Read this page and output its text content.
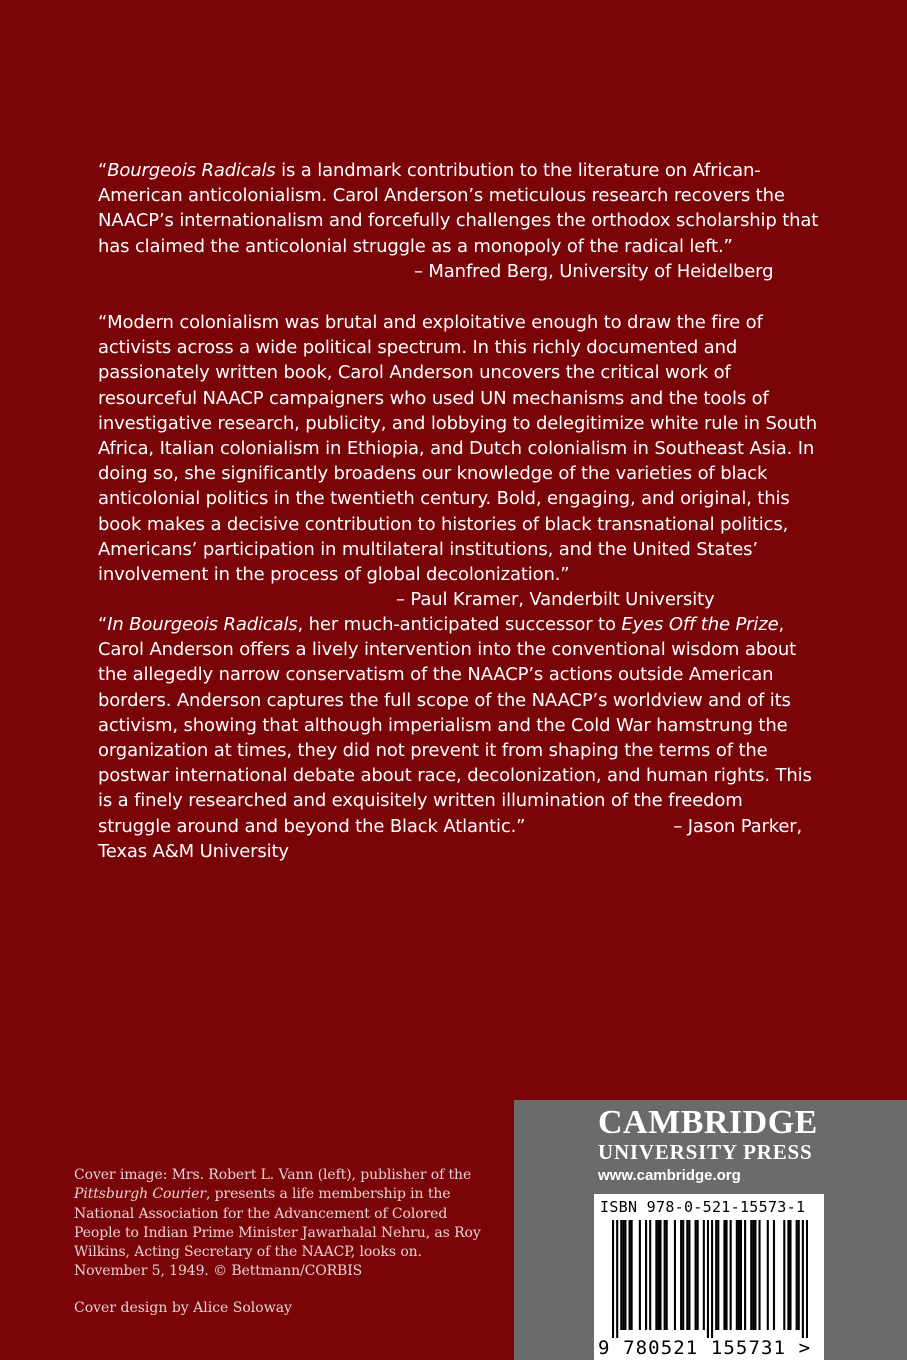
“Bourgeois Radicals is a landmark contribution to the literature on African-American anticolonialism. Carol Anderson’s meticulous research recovers the NAACP’s internationalism and forcefully challenges the orthodox scholarship that has claimed the anticolonial struggle as a monopoly of the radical left.”

– Manfred Berg, University of Heidelberg

“Modern colonialism was brutal and exploitative enough to draw the fire of activists across a wide political spectrum. In this richly documented and passionately written book, Carol Anderson uncovers the critical work of resourceful NAACP campaigners who used UN mechanisms and the tools of investigative research, publicity, and lobbying to delegitimize white rule in South Africa, Italian colonialism in Ethiopia, and Dutch colonialism in Southeast Asia. In doing so, she significantly broadens our knowledge of the varieties of black anticolonial politics in the twentieth century. Bold, engaging, and original, this book makes a decisive contribution to histories of black transnational politics, Americans’ participation in multilateral institutions, and the United States’ involvement in the process of global decolonization.”

– Paul Kramer, Vanderbilt University

“In Bourgeois Radicals, her much-anticipated successor to Eyes Off the Prize, Carol Anderson offers a lively intervention into the conventional wisdom about the allegedly narrow conservatism of the NAACP’s actions outside American borders. Anderson captures the full scope of the NAACP’s worldview and of its activism, showing that although imperialism and the Cold War hamstrung the organization at times, they did not prevent it from shaping the terms of the postwar international debate about race, decolonization, and human rights. This is a finely researched and exquisitely written illumination of the freedom struggle around and beyond the Black Atlantic.”	– Jason Parker, Texas A&M University

Cover image: Mrs. Robert L. Vann (left), publisher of the Pittsburgh Courier, presents a life membership in the National Association for the Advancement of Colored People to Indian Prime Minister Jawarhalal Nehru, as Roy Wilkins, Acting Secretary of the NAACP, looks on. November 5, 1949. © Bettmann/CORBIS
Cover design by Alice Soloway
CAMBRIDGE
UNIVERSITY PRESS
www.cambridge.org
ISBN 978-0-521-15573-1
9 780521 155731 >
